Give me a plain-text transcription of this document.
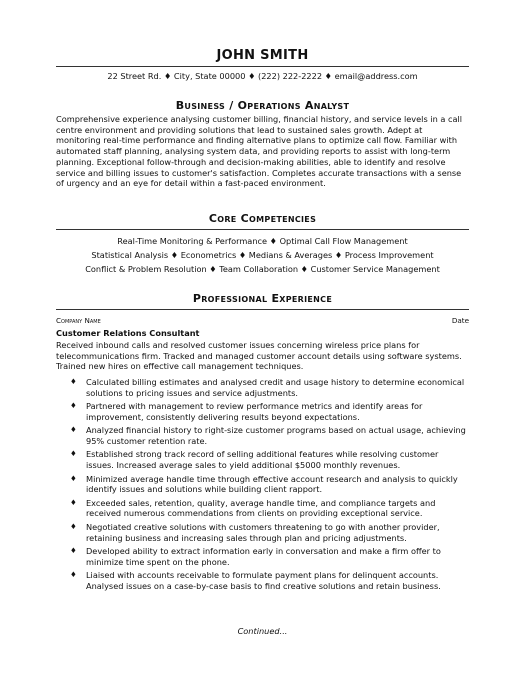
JOHN SMITH
22 Street Rd. ♦ City, State 00000 ♦ (222) 222-2222 ♦ email@address.com
Business / Operations Analyst
Comprehensive experience analysing customer billing, financial history, and service levels in a call
centre environment and providing solutions that lead to sustained sales growth. Adept at
monitoring real-time performance and finding alternative plans to optimize call flow. Familiar with
automated staff planning, analysing system data, and providing reports to assist with long-term
planning. Exceptional follow-through and decision-making abilities, able to identify and resolve
service and billing issues to customer's satisfaction. Completes accurate transactions with a sense
of urgency and an eye for detail within a fast-paced environment.
Core Competencies
Real-Time Monitoring & Performance ♦ Optimal Call Flow Management
Statistical Analysis ♦ Econometrics ♦ Medians & Averages ♦ Process Improvement
Conflict & Problem Resolution ♦ Team Collaboration ♦ Customer Service Management
Professional Experience
Company Name	Date
Customer Relations Consultant
Received inbound calls and resolved customer issues concerning wireless price plans for
telecommunications firm. Tracked and managed customer account details using software systems.
Trained new hires on effective call management techniques.
♦ Calculated billing estimates and analysed credit and usage history to determine economical
solutions to pricing issues and service adjustments.
♦ Partnered with management to review performance metrics and identify areas for
improvement, consistently delivering results beyond expectations.
♦ Analyzed financial history to right-size customer programs based on actual usage, achieving
95% customer retention rate.
♦ Established strong track record of selling additional features while resolving customer
issues. Increased average sales to yield additional $5000 monthly revenues.
♦ Minimized average handle time through effective account research and analysis to quickly
identify issues and solutions while building client rapport.
♦ Exceeded sales, retention, quality, average handle time, and compliance targets and
received numerous commendations from clients on providing exceptional service.
♦ Negotiated creative solutions with customers threatening to go with another provider,
retaining business and increasing sales through plan and pricing adjustments.
♦ Developed ability to extract information early in conversation and make a firm offer to
minimize time spent on the phone.
♦ Liaised with accounts receivable to formulate payment plans for delinquent accounts.
Analysed issues on a case-by-case basis to find creative solutions and retain business.
Continued...
